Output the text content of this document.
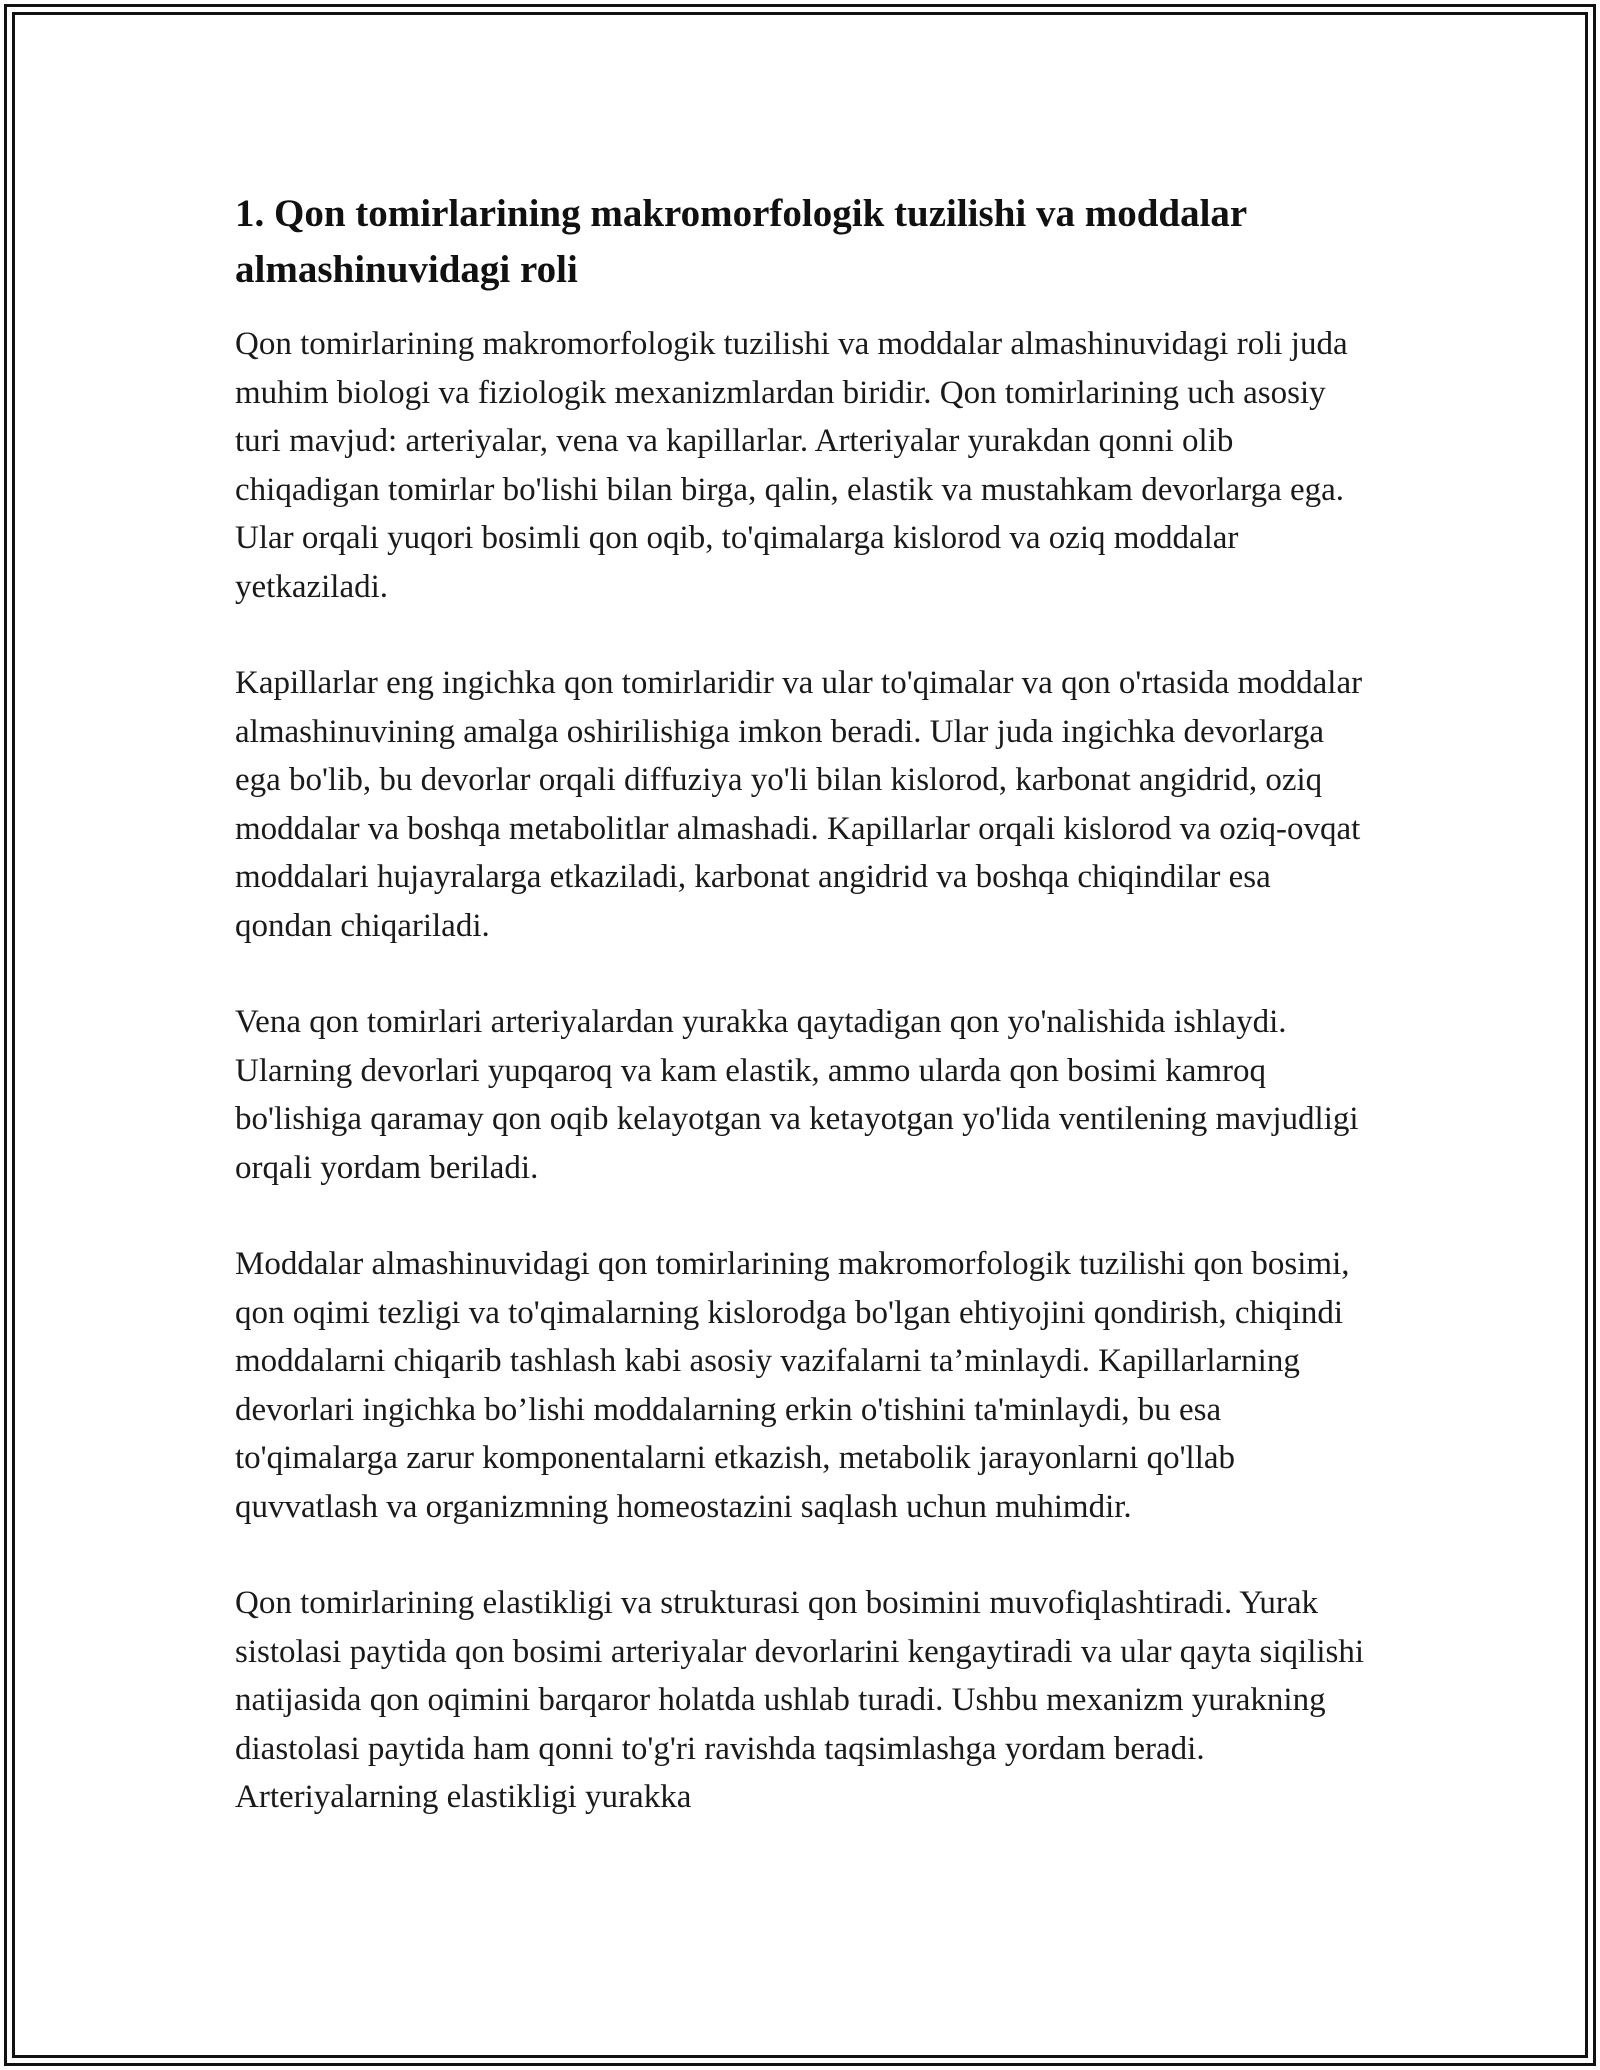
1. Qon tomirlarining makromorfologik tuzilishi va moddalar almashinuvidagi roli

Qon tomirlarining makromorfologik tuzilishi va moddalar almashinuvidagi roli juda muhim biologi va fiziologik mexanizmlardan biridir. Qon tomirlarining uch asosiy turi mavjud: arteriyalar, vena va kapillarlar. Arteriyalar yurakdan qonni olib chiqadigan tomirlar bo'lishi bilan birga, qalin, elastik va mustahkam devorlarga ega. Ular orqali yuqori bosimli qon oqib, to'qimalarga kislorod va oziq moddalar yetkaziladi.

Kapillarlar eng ingichka qon tomirlaridir va ular to'qimalar va qon o'rtasida moddalar almashinuvining amalga oshirilishiga imkon beradi. Ular juda ingichka devorlarga ega bo'lib, bu devorlar orqali diffuziya yo'li bilan kislorod, karbonat angidrid, oziq moddalar va boshqa metabolitlar almashadi. Kapillarlar orqali kislorod va oziq-ovqat moddalari hujayralarga etkaziladi, karbonat angidrid va boshqa chiqindilar esa qondan chiqariladi.

Vena qon tomirlari arteriyalardan yurakka qaytadigan qon yo'nalishida ishlaydi. Ularning devorlari yupqaroq va kam elastik, ammo ularda qon bosimi kamroq bo'lishiga qaramay qon oqib kelayotgan va ketayotgan yo'lida ventilening mavjudligi orqali yordam beriladi.

Moddalar almashinuvidagi qon tomirlarining makromorfologik tuzilishi qon bosimi, qon oqimi tezligi va to'qimalarning kislorodga bo'lgan ehtiyojini qondirish, chiqindi moddalarni chiqarib tashlash kabi asosiy vazifalarni ta’minlaydi. Kapillarlarning devorlari ingichka bo’lishi moddalarning erkin o'tishini ta'minlaydi, bu esa to'qimalarga zarur komponentalarni etkazish, metabolik jarayonlarni qo'llab quvvatlash va organizmning homeostazini saqlash uchun muhimdir.

Qon tomirlarining elastikligi va strukturasi qon bosimini muvofiqlashtiradi. Yurak sistolasi paytida qon bosimi arteriyalar devorlarini kengaytiradi va ular qayta siqilishi natijasida qon oqimini barqaror holatda ushlab turadi. Ushbu mexanizm yurakning diastolasi paytida ham qonni to'g'ri ravishda taqsimlashga yordam beradi. Arteriyalarning elastikligi yurakka
